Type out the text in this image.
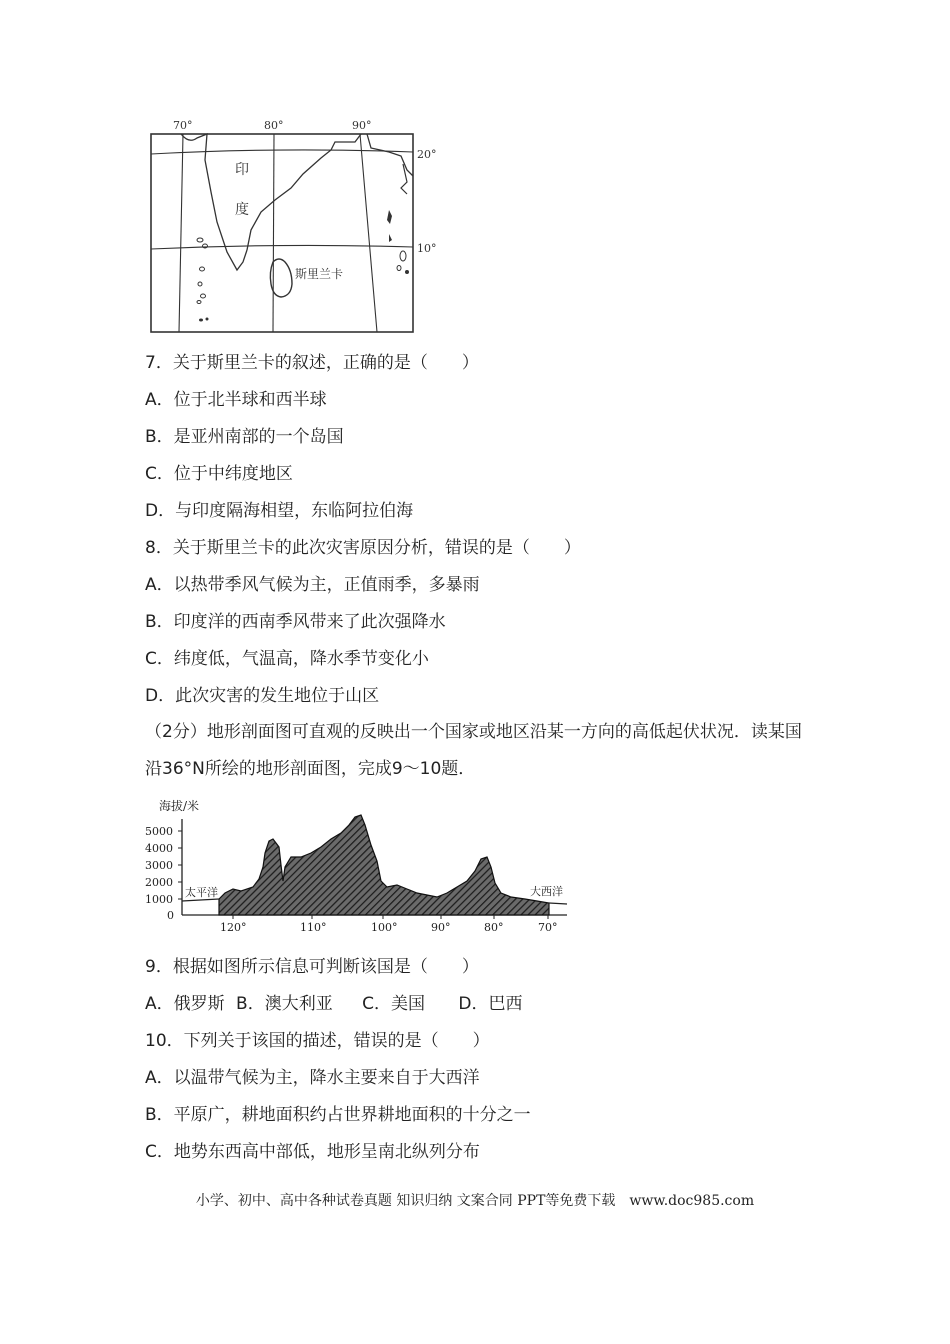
70°	80°	90°
20°
10°
印
度
斯里兰卡
7．关于斯里兰卡的叙述，正确的是（　　）
A．位于北半球和西半球
B．是亚州南部的一个岛国
C．位于中纬度地区
D．与印度隔海相望，东临阿拉伯海
8．关于斯里兰卡的此次灾害原因分析，错误的是（　　）
A．以热带季风气候为主，正值雨季，多暴雨
B．印度洋的西南季风带来了此次强降水
C．纬度低，气温高，降水季节变化小
D．此次灾害的发生地位于山区
（2分）地形剖面图可直观的反映出一个国家或地区沿某一方向的高低起伏状况．读某国沿36°N所绘的地形剖面图，完成9～10题．
海拔/米
5000
4000
3000
2000
1000
0
120°	110°	100°	90°	80°	70°
太平洋	大西洋
9．根据如图所示信息可判断该国是（　　）
A．俄罗斯 B．澳大利亚 C．美国 D．巴西
10．下列关于该国的描述，错误的是（　　）
A．以温带气候为主，降水主要来自于大西洋
B．平原广，耕地面积约占世界耕地面积的十分之一
C．地势东西高中部低，地形呈南北纵列分布
小学、初中、高中各种试卷真题 知识归纳 文案合同 PPT等免费下载　www.doc985.com
